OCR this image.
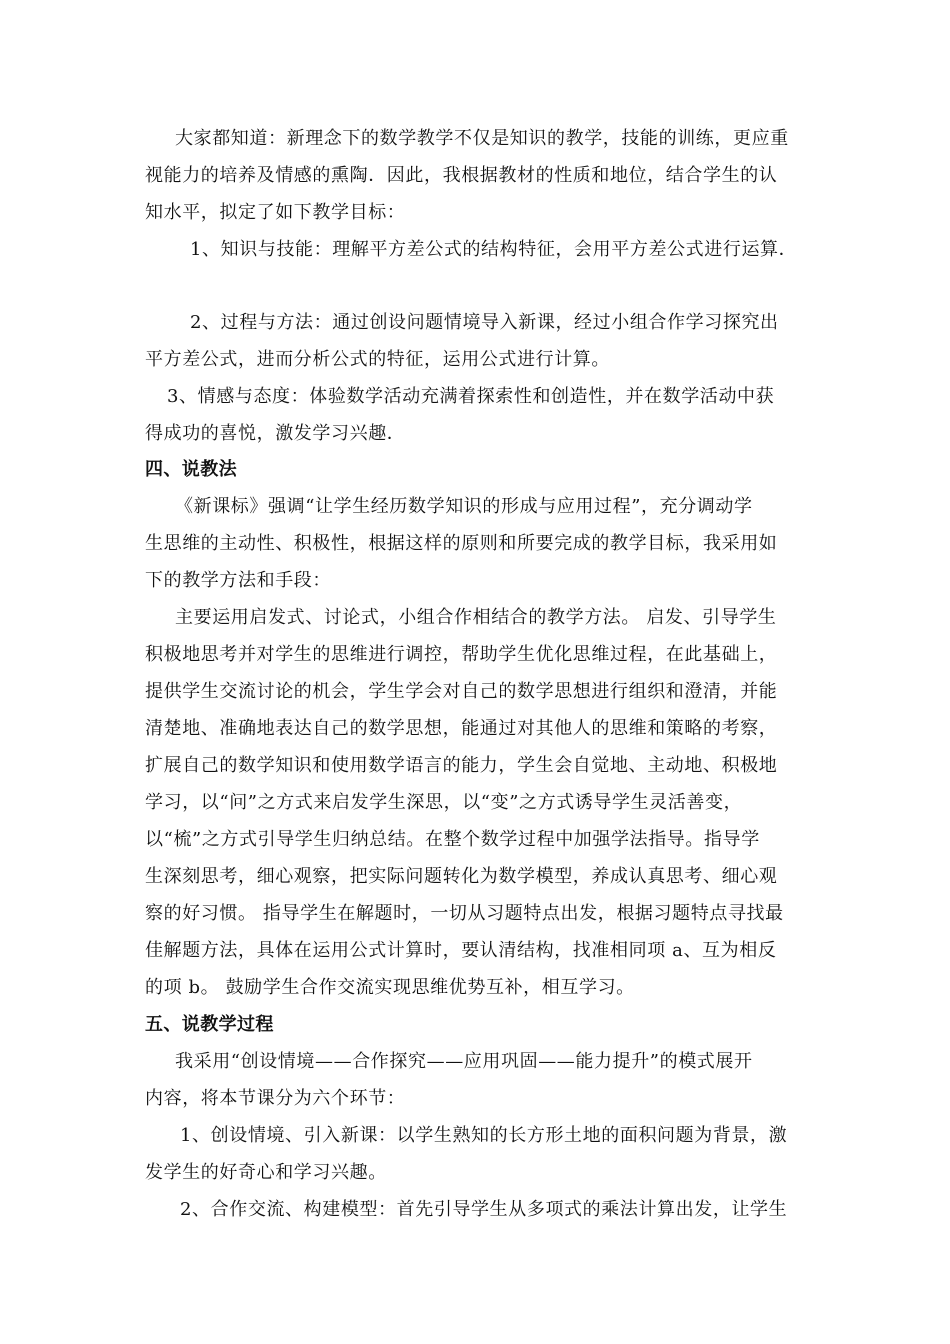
大家都知道：新理念下的数学教学不仅是知识的教学，技能的训练，更应重
视能力的培养及情感的熏陶．因此，我根据教材的性质和地位，结合学生的认
知水平，拟定了如下教学目标：
1、知识与技能：理解平方差公式的结构特征，会用平方差公式进行运算．
2、过程与方法：通过创设问题情境导入新课，经过小组合作学习探究出
平方差公式，进而分析公式的特征，运用公式进行计算。
3、情感与态度：体验数学活动充满着探索性和创造性，并在数学活动中获
得成功的喜悦，激发学习兴趣．
四、说教法
《新课标》强调“让学生经历数学知识的形成与应用过程”，充分调动学
生思维的主动性、积极性，根据这样的原则和所要完成的教学目标，我采用如
下的教学方法和手段：
主要运用启发式、讨论式，小组合作相结合的教学方法。 启发、引导学生
积极地思考并对学生的思维进行调控，帮助学生优化思维过程，在此基础上，
提供学生交流讨论的机会，学生学会对自己的数学思想进行组织和澄清，并能
清楚地、准确地表达自己的数学思想，能通过对其他人的思维和策略的考察，
扩展自己的数学知识和使用数学语言的能力，学生会自觉地、主动地、积极地
学习，以“问”之方式来启发学生深思，以“变”之方式诱导学生灵活善变，
以“梳”之方式引导学生归纳总结。在整个数学过程中加强学法指导。指导学
生深刻思考，细心观察，把实际问题转化为数学模型，养成认真思考、细心观
察的好习惯。 指导学生在解题时，一切从习题特点出发，根据习题特点寻找最
佳解题方法，具体在运用公式计算时，要认清结构，找准相同项 a、互为相反
的项 b。 鼓励学生合作交流实现思维优势互补，相互学习。
五、说教学过程
我采用“创设情境——合作探究——应用巩固——能力提升”的模式展开
内容，将本节课分为六个环节：
1、创设情境、引入新课：以学生熟知的长方形土地的面积问题为背景，激
发学生的好奇心和学习兴趣。
2、合作交流、构建模型：首先引导学生从多项式的乘法计算出发，让学生
